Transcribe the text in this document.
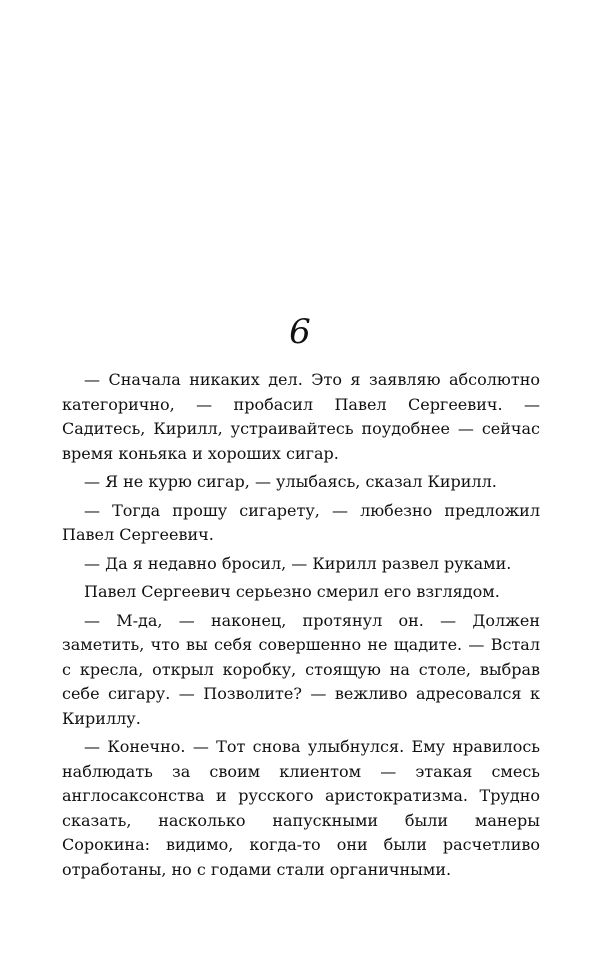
6

— Сначала никаких дел. Это я заявляю абсолютно категорично, — пробасил Павел Сергеевич. — Садитесь, Кирилл, устраивайтесь поудобнее — сейчас время коньяка и хороших сигар.

— Я не курю сигар, — улыбаясь, сказал Кирилл.

— Тогда прошу сигарету, — любезно предложил Павел Сергеевич.

— Да я недавно бросил, — Кирилл развел руками.

Павел Сергеевич серьезно смерил его взглядом.

— М-да, — наконец, протянул он. — Должен заметить, что вы себя совершенно не щадите. — Встал с кресла, открыл коробку, стоящую на столе, выбрав себе сигару. — Позволите? — вежливо адресовался к Кириллу.

— Конечно. — Тот снова улыбнулся. Ему нравилось наблюдать за своим клиентом — этакая смесь англосаксонства и русского аристократизма. Трудно сказать, насколько напускными были манеры Сорокина: видимо, когда-то они были расчетливо отработаны, но с годами стали органичными.
